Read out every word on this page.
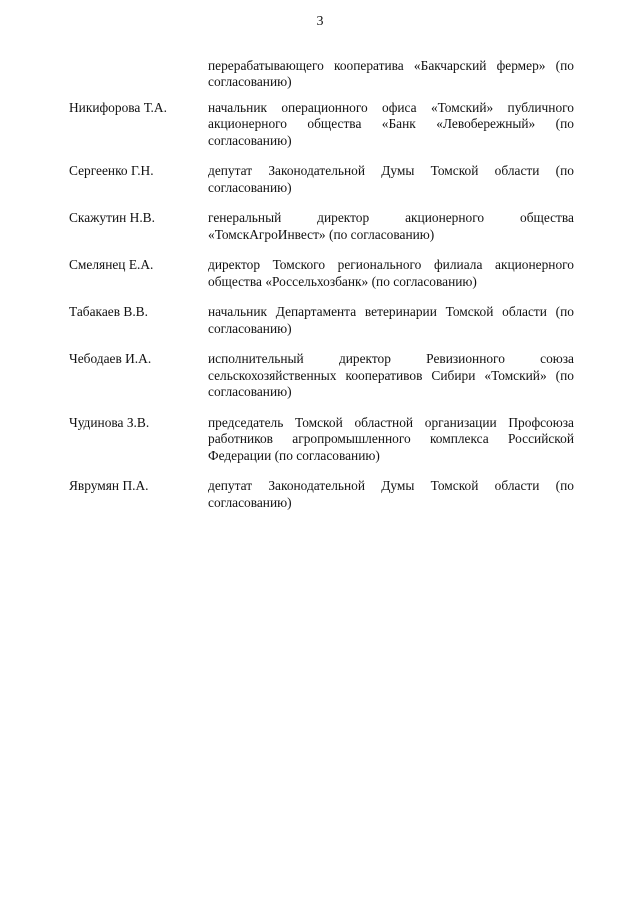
3
перерабатывающего кооператива «Бакчарский фермер» (по согласованию)
Никифорова Т.А.	начальник операционного офиса «Томский» публичного акционерного общества «Банк «Левобережный» (по согласованию)
Сергеенко Г.Н.	депутат Законодательной Думы Томской области (по согласованию)
Скажутин Н.В.	генеральный директор акционерного общества «ТомскАгроИнвест» (по согласованию)
Смелянец Е.А.	директор Томского регионального филиала акционерного общества «Россельхозбанк» (по согласованию)
Табакаев В.В.	начальник Департамента ветеринарии Томской области (по согласованию)
Чебодаев И.А.	исполнительный директор Ревизионного союза сельскохозяйственных кооперативов Сибири «Томский» (по согласованию)
Чудинова З.В.	председатель Томской областной организации Профсоюза работников агропромышленного комплекса Российской Федерации (по согласованию)
Яврумян П.А.	депутат Законодательной Думы Томской области (по согласованию)
